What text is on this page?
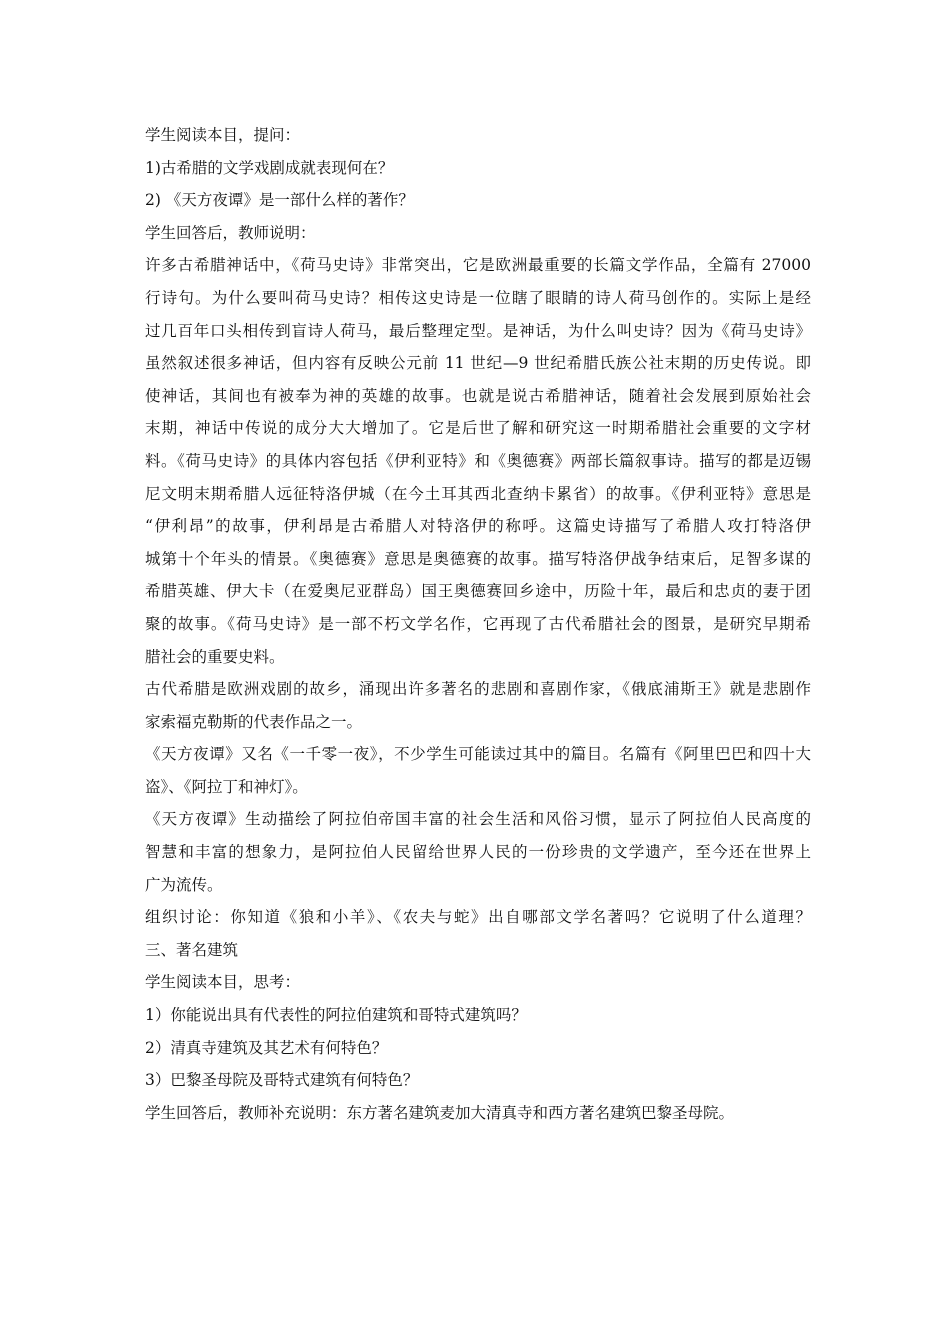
学生阅读本目，提问：
1)古希腊的文学戏剧成就表现何在？
2) 《天方夜谭》是一部什么样的著作？
学生回答后，教师说明：
许多古希腊神话中，《荷马史诗》非常突出，它是欧洲最重要的长篇文学作品，全篇有 27000
行诗句。为什么要叫荷马史诗？相传这史诗是一位瞎了眼睛的诗人荷马创作的。实际上是经
过几百年口头相传到盲诗人荷马，最后整理定型。是神话，为什么叫史诗？因为《荷马史诗》
虽然叙述很多神话，但内容有反映公元前 11 世纪—9 世纪希腊氏族公社末期的历史传说。即
使神话，其间也有被奉为神的英雄的故事。也就是说古希腊神话，随着社会发展到原始社会
末期，神话中传说的成分大大增加了。它是后世了解和研究这一时期希腊社会重要的文字材
料。《荷马史诗》的具体内容包括《伊利亚特》和《奥德赛》两部长篇叙事诗。描写的都是迈锡
尼文明末期希腊人远征特洛伊城（在今土耳其西北查纳卡累省）的故事。《伊利亚特》意思是
“伊利昂”的故事，伊利昂是古希腊人对特洛伊的称呼。这篇史诗描写了希腊人攻打特洛伊
城第十个年头的情景。《奥德赛》意思是奥德赛的故事。描写特洛伊战争结束后，足智多谋的
希腊英雄、伊大卡（在爱奥尼亚群岛）国王奥德赛回乡途中，历险十年，最后和忠贞的妻于团
聚的故事。《荷马史诗》是一部不朽文学名作，它再现了古代希腊社会的图景，是研究早期希
腊社会的重要史料。
古代希腊是欧洲戏剧的故乡，涌现出许多著名的悲剧和喜剧作家，《俄底浦斯王》就是悲剧作
家索福克勒斯的代表作品之一。
《天方夜谭》又名《一千零一夜》，不少学生可能读过其中的篇目。名篇有《阿里巴巴和四十大
盗》、《阿拉丁和神灯》。
《天方夜谭》生动描绘了阿拉伯帝国丰富的社会生活和风俗习惯，显示了阿拉伯人民高度的
智慧和丰富的想象力，是阿拉伯人民留给世界人民的一份珍贵的文学遗产，至今还在世界上
广为流传。
组织讨论：你知道《狼和小羊》、《农夫与蛇》出自哪部文学名著吗？它说明了什么道理？
三、著名建筑
学生阅读本目，思考：
1）你能说出具有代表性的阿拉伯建筑和哥特式建筑吗？
2）清真寺建筑及其艺术有何特色？
3）巴黎圣母院及哥特式建筑有何特色？
学生回答后，教师补充说明：东方著名建筑麦加大清真寺和西方著名建筑巴黎圣母院。
